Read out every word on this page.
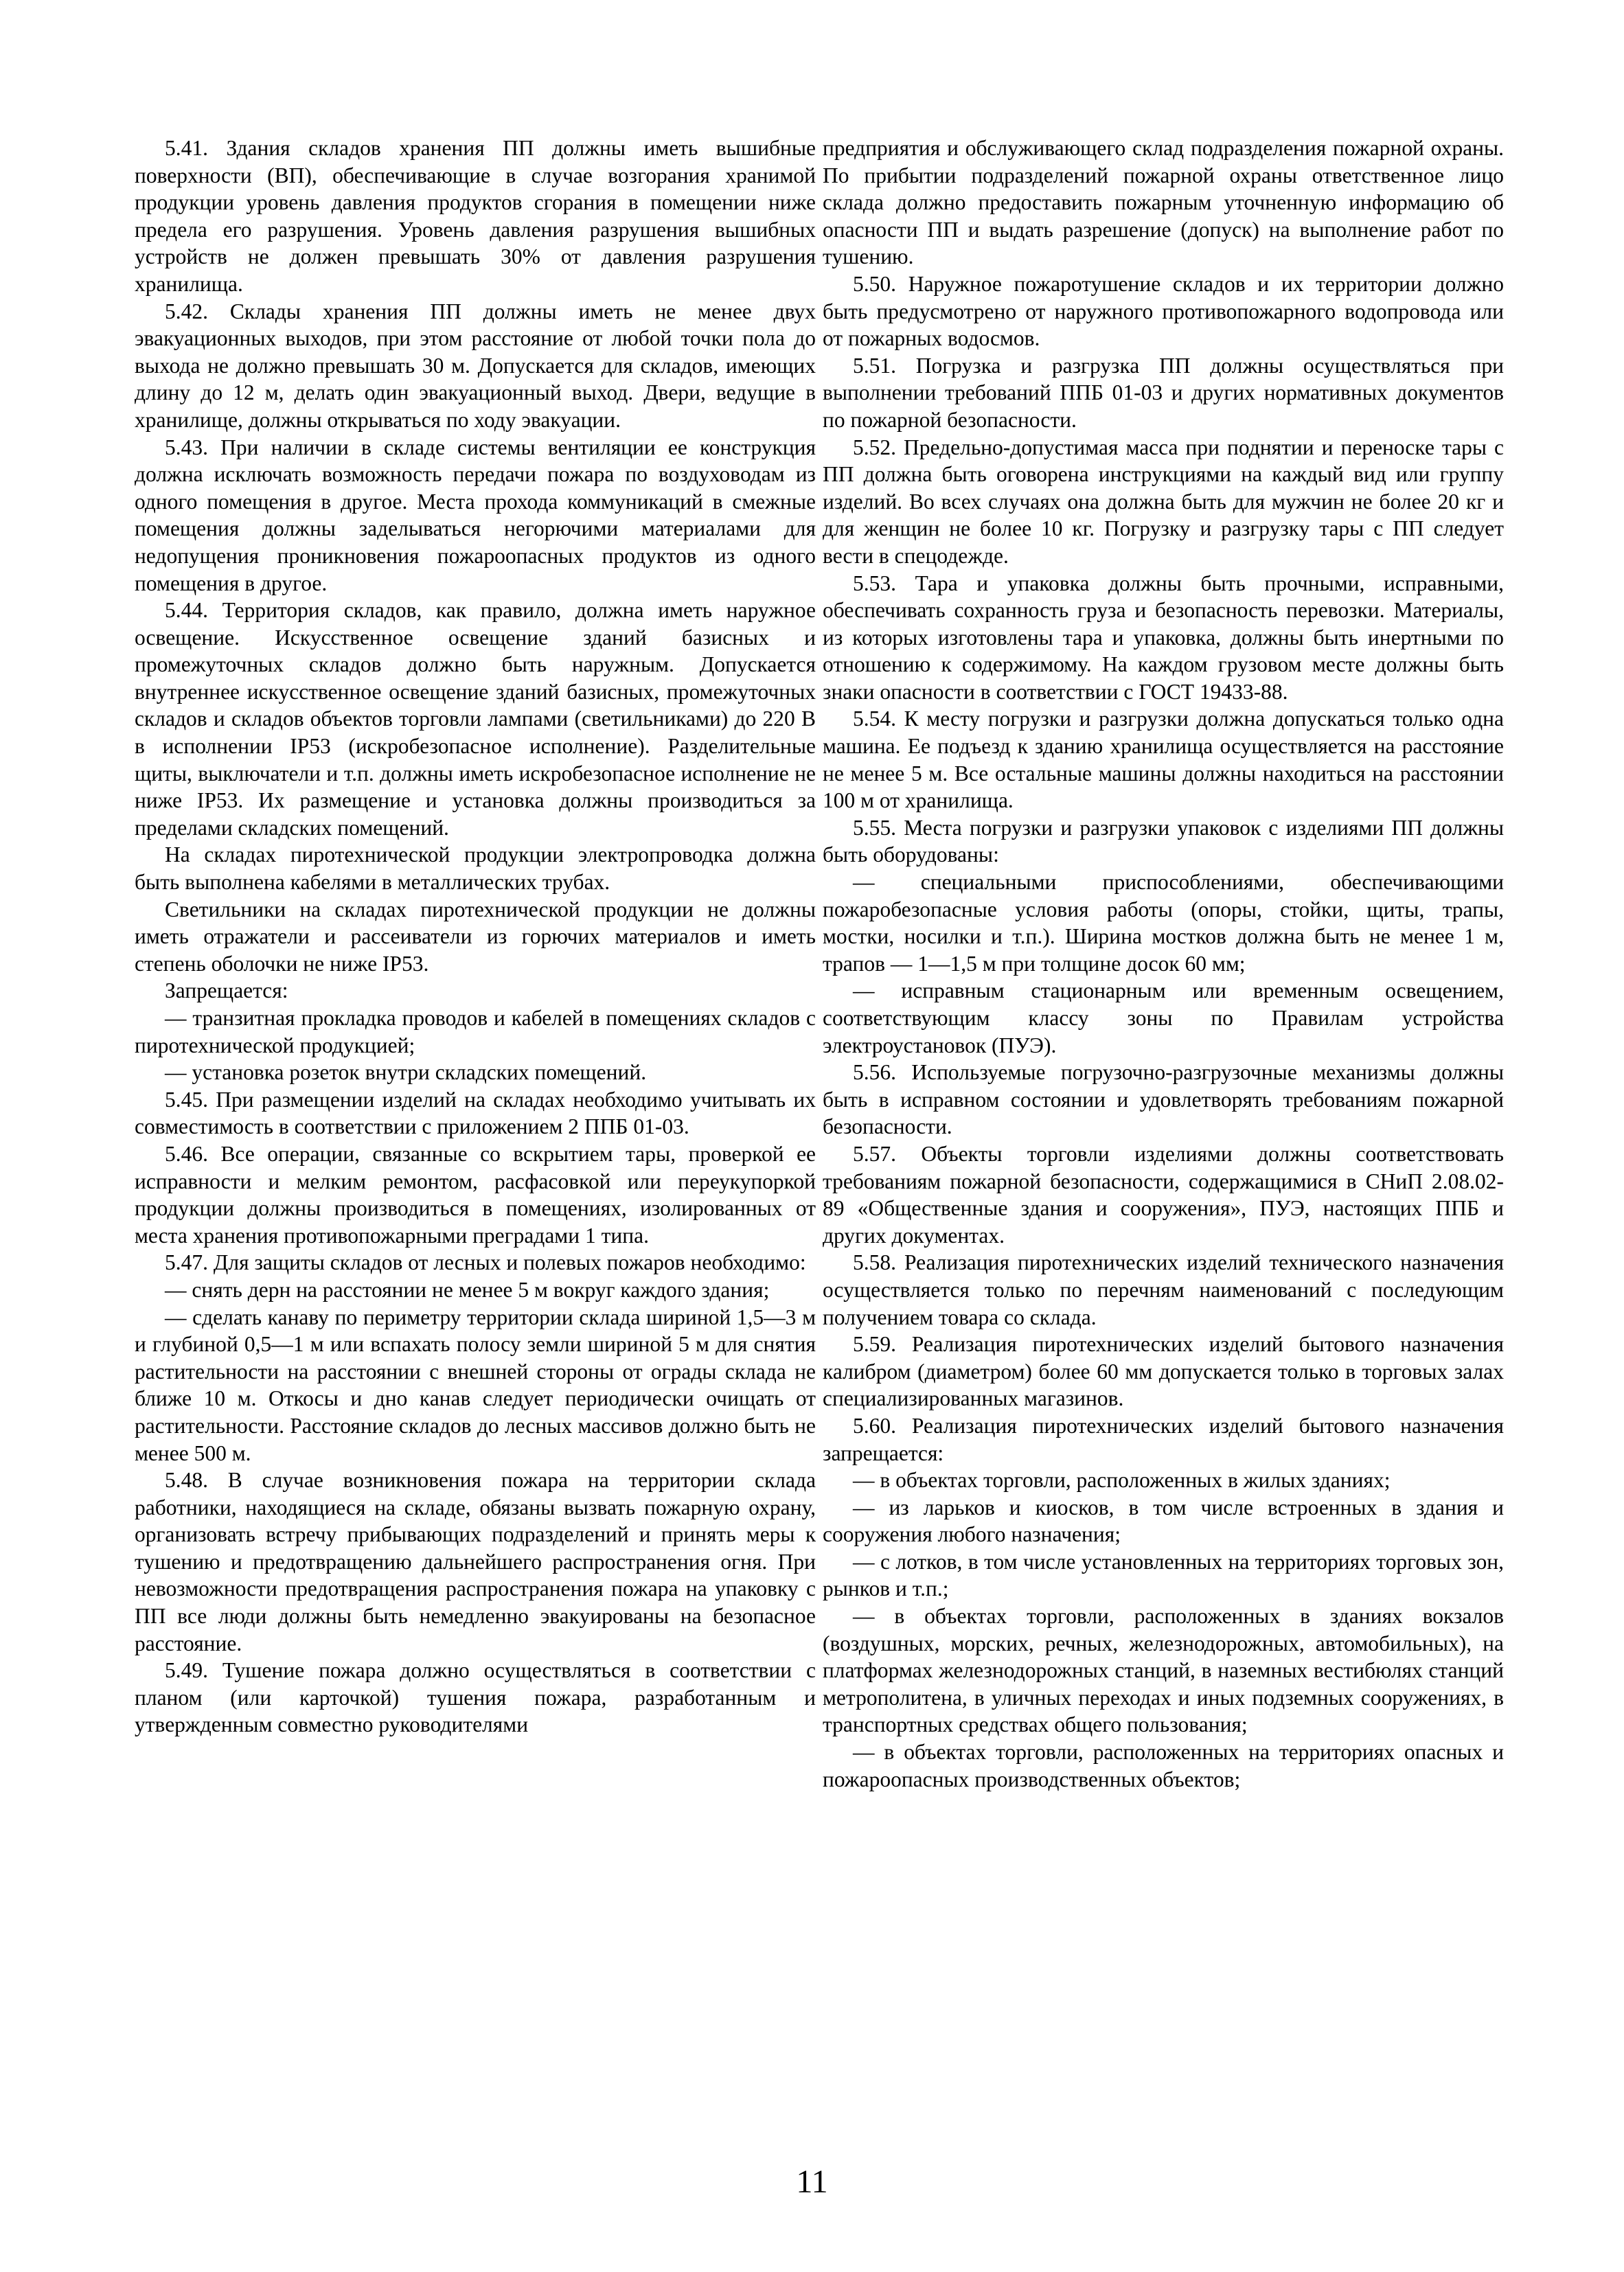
5.41. Здания складов хранения ПП должны иметь вышибные поверхности (ВП), обеспечивающие в случае возгорания хранимой продукции уровень давления продуктов сгорания в помещении ниже предела его разрушения. Уровень давления разрушения вышибных устройств не должен превышать 30% от давления разрушения хранилища.

5.42. Склады хранения ПП должны иметь не менее двух эвакуационных выходов, при этом расстояние от любой точки пола до выхода не должно превышать 30 м. Допускается для складов, имеющих длину до 12 м, делать один эвакуационный выход. Двери, ведущие в хранилище, должны открываться по ходу эвакуации.

5.43. При наличии в складе системы вентиляции ее конструкция должна исключать возможность передачи пожара по воздуховодам из одного помещения в другое. Места прохода коммуникаций в смежные помещения должны заделываться негорючими материалами для недопущения проникновения пожароопасных продуктов из одного помещения в другое.

5.44. Территория складов, как правило, должна иметь наружное освещение. Искусственное освещение зданий базисных и промежуточных складов должно быть наружным. Допускается внутреннее искусственное освещение зданий базисных, промежуточных складов и складов объектов торговли лампами (светильниками) до 220 В в исполнении IP53 (искробезопасное исполнение). Разделительные щиты, выключатели и т.п. должны иметь искробезопасное исполнение не ниже IP53. Их размещение и установка должны производиться за пределами складских помещений.

На складах пиротехнической продукции электропроводка должна быть выполнена кабелями в металлических трубах.

Светильники на складах пиротехнической продукции не должны иметь отражатели и рассеиватели из горючих материалов и иметь степень оболочки не ниже IP53.

Запрещается:

— транзитная прокладка проводов и кабелей в помещениях складов с пиротехнической продукцией;

— установка розеток внутри складских помещений.

5.45. При размещении изделий на складах необходимо учитывать их совместимость в соответствии с приложением 2 ППБ 01-03.

5.46. Все операции, связанные со вскрытием тары, проверкой ее исправности и мелким ремонтом, расфасовкой или переукупоркой продукции должны производиться в помещениях, изолированных от места хранения противопожарными преградами 1 типа.

5.47. Для защиты складов от лесных и полевых пожаров необходимо:

— снять дерн на расстоянии не менее 5 м вокруг каждого здания;

— сделать канаву по периметру территории склада шириной 1,5—3 м и глубиной 0,5—1 м или вспахать полосу земли шириной 5 м для снятия растительности на расстоянии с внешней стороны от ограды склада не ближе 10 м. Откосы и дно канав следует периодически очищать от растительности. Расстояние складов до лесных массивов должно быть не менее 500 м.

5.48. В случае возникновения пожара на территории склада работники, находящиеся на складе, обязаны вызвать пожарную охрану, организовать встречу прибывающих подразделений и принять меры к тушению и предотвращению дальнейшего распространения огня. При невозможности предотвращения распространения пожара на упаковку с ПП все люди должны быть немедленно эвакуированы на безопасное расстояние.

5.49. Тушение пожара должно осуществляться в соответствии с планом (или карточкой) тушения пожара, разработанным и утвержденным совместно руководителями

предприятия и обслуживающего склад подразделения пожарной охраны. По прибытии подразделений пожарной охраны ответственное лицо склада должно предоставить пожарным уточненную информацию об опасности ПП и выдать разрешение (допуск) на выполнение работ по тушению.

5.50. Наружное пожаротушение складов и их территории должно быть предусмотрено от наружного противопожарного водопровода или от пожарных водосмов.

5.51. Погрузка и разгрузка ПП должны осуществляться при выполнении требований ППБ 01-03 и других нормативных документов по пожарной безопасности.

5.52. Предельно-допустимая масса при поднятии и переноске тары с ПП должна быть оговорена инструкциями на каждый вид или группу изделий. Во всех случаях она должна быть для мужчин не более 20 кг и для женщин не более 10 кг. Погрузку и разгрузку тары с ПП следует вести в спецодежде.

5.53. Тара и упаковка должны быть прочными, исправными, обеспечивать сохранность груза и безопасность перевозки. Материалы, из которых изготовлены тара и упаковка, должны быть инертными по отношению к содержимому. На каждом грузовом месте должны быть знаки опасности в соответствии с ГОСТ 19433-88.

5.54. К месту погрузки и разгрузки должна допускаться только одна машина. Ее подъезд к зданию хранилища осуществляется на расстояние не менее 5 м. Все остальные машины должны находиться на расстоянии 100 м от хранилища.

5.55. Места погрузки и разгрузки упаковок с изделиями ПП должны быть оборудованы:

— специальными приспособлениями, обеспечивающими пожаробезопасные условия работы (опоры, стойки, щиты, трапы, мостки, носилки и т.п.). Ширина мостков должна быть не менее 1 м, трапов — 1—1,5 м при толщине досок 60 мм;

— исправным стационарным или временным освещением, соответствующим классу зоны по Правилам устройства электроустановок (ПУЭ).

5.56. Используемые погрузочно-разгрузочные механизмы должны быть в исправном состоянии и удовлетворять требованиям пожарной безопасности.

5.57. Объекты торговли изделиями должны соответствовать требованиям пожарной безопасности, содержащимися в СНиП 2.08.02-89 «Общественные здания и сооружения», ПУЭ, настоящих ППБ и других документах.

5.58. Реализация пиротехнических изделий технического назначения осуществляется только по перечням наименований с последующим получением товара со склада.

5.59. Реализация пиротехнических изделий бытового назначения калибром (диаметром) более 60 мм допускается только в торговых залах специализированных магазинов.

5.60. Реализация пиротехнических изделий бытового назначения запрещается:

— в объектах торговли, расположенных в жилых зданиях;

— из ларьков и киосков, в том числе встроенных в здания и сооружения любого назначения;

— с лотков, в том числе установленных на территориях торговых зон, рынков и т.п.;

— в объектах торговли, расположенных в зданиях вокзалов (воздушных, морских, речных, железнодорожных, автомобильных), на платформах железнодорожных станций, в наземных вестибюлях станций метрополитена, в уличных переходах и иных подземных сооружениях, в транспортных средствах общего пользования;

— в объектах торговли, расположенных на территориях опасных и пожароопасных производственных объектов;

11
